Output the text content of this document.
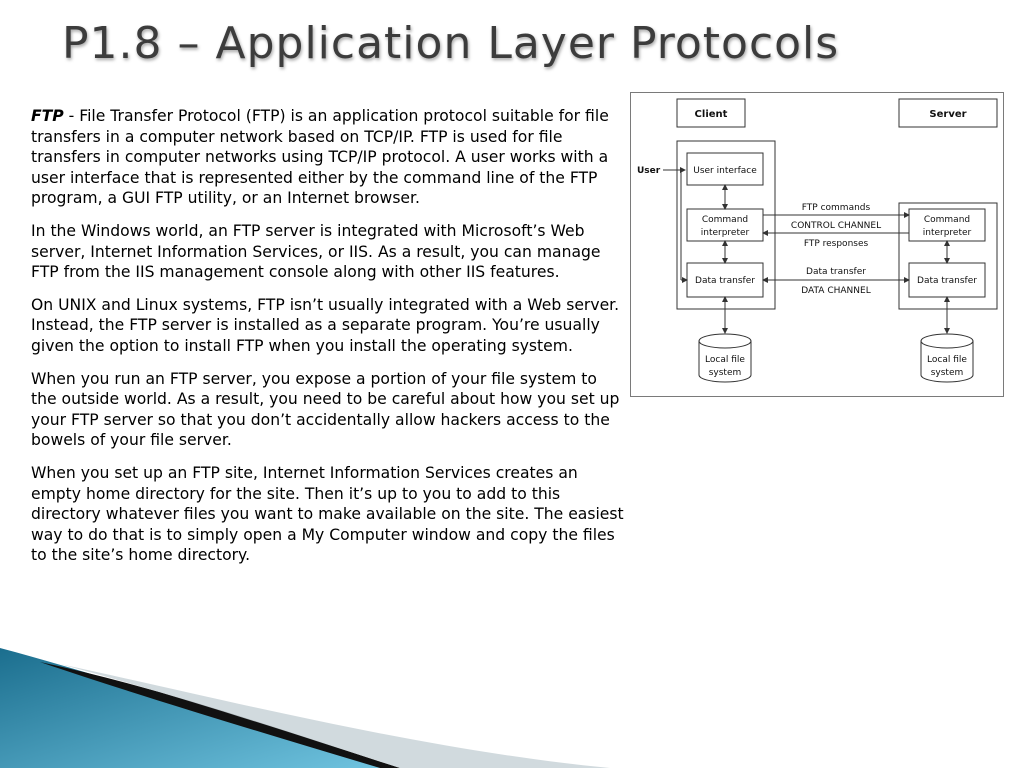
P1.8 – Application Layer Protocols

FTP - File Transfer Protocol (FTP) is an application protocol suitable for file transfers in a computer network based on TCP/IP. FTP is used for file transfers in computer networks using TCP/IP protocol. A user works with a user interface that is represented either by the command line of the FTP program, a GUI FTP utility, or an Internet browser.

In the Windows world, an FTP server is integrated with Microsoft’s Web server, Internet Information Services, or IIS. As a result, you can manage FTP from the IIS management console along with other IIS features.

On UNIX and Linux systems, FTP isn’t usually integrated with a Web server. Instead, the FTP server is installed as a separate program. You’re usually given the option to install FTP when you install the operating system.

When you run an FTP server, you expose a portion of your file system to the outside world. As a result, you need to be careful about how you set up your FTP server so that you don’t accidentally allow hackers access to the bowels of your file server.

When you set up an FTP site, Internet Information Services creates an empty home directory for the site. Then it’s up to you to add to this directory whatever files you want to make available on the site. The easiest way to do that is to simply open a My Computer window and copy the files to the site’s home directory.

Client	Server
User	User interface
Command
interpreter
Data transfer
Command
interpreter
Data transfer
FTP commands
CONTROL CHANNEL
FTP responses
Data transfer
DATA CHANNEL
Local file
system
Local file
system
